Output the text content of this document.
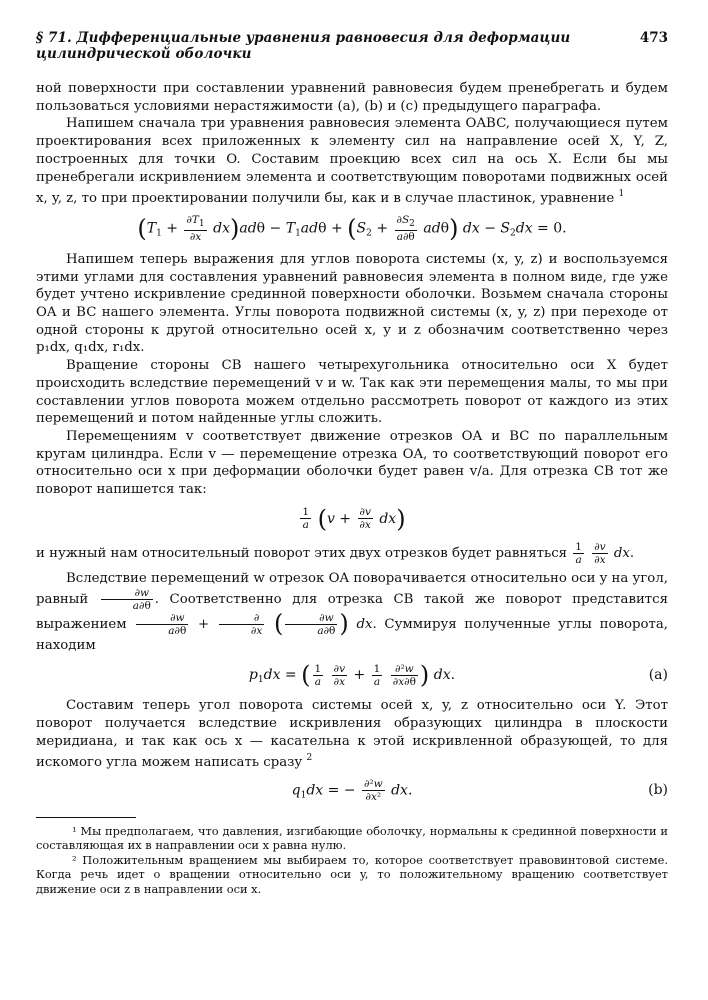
§ 71. Дифференциальные уравнения равновесия для деформации цилиндрической оболочки
473

ной поверхности при составлении уравнений равновесия будем пренебрегать и будем пользоваться условиями нерастяжимости (a), (b) и (c) предыдущего параграфа.

Напишем сначала три уравнения равновесия элемента OABC, получающиеся путем проектирования всех приложенных к элементу сил на направление осей X, Y, Z, построенных для точки O. Составим проекцию всех сил на ось X. Если бы мы пренебрегали искривлением элемента и соответствующим поворотами подвижных осей x, y, z, то при проектировании получили бы, как и в случае пластинок, уравнение $^1$

$(T_1 + \frac{\partial T_1}{\partial x} dx)ad\theta - T_1ad\theta + (S_2 + \frac{\partial S_2}{a\partial\theta} ad\theta)$ dx − $S_2dx = 0$.

Напишем теперь выражения для углов поворота системы (x, y, z) и воспользуемся этими углами для составления уравнений равновесия элемента в полном виде, где уже будет учтено искривление срединной поверхности оболочки. Возьмем сначала стороны OA и BC нашего элемента. Углы поворота подвижной системы (x, y, z) при переходе от одной стороны к другой относительно осей x, y и z обозначим соответственно через p₁dx, q₁dx, r₁dx.

Вращение стороны CB нашего четырехугольника относительно оси X будет происходить вследствие перемещений v и w. Так как эти перемещения малы, то мы при составлении углов поворота можем отдельно рассмотреть поворот от каждого из этих перемещений и потом найденные углы сложить.

Перемещениям v соответствует движение отрезков OA и BC по параллельным кругам цилиндра. Если v — перемещение отрезка OA, то соответствующий поворот его относительно оси x при деформации оболочки будет равен v/a. Для отрезка CB тот же поворот напишется так:

$\frac{1}{a} (v + \frac{\partial v}{\partial x} dx)$

и нужный нам относительный поворот этих двух отрезков будет равняться $\frac{1}{a}$
$\frac{\partial v}{\partial x}$ dx.

Вследствие перемещений w отрезок OA поворачивается относительно оси y на угол, равный $\frac{\partial w}{a\partial\theta}$ . Соответственно для отрезка CB такой же поворот представится выражением $\frac{\partial w}{a\partial\theta} + \frac{\partial}{\partial x}$ ( $\frac{\partial w}{a\partial\theta}$ ) dx. Суммируя полученные углы поворота, находим

$p_1dx$ = ( $\frac{1}{a}$
$\frac{\partial v}{\partial x} + \frac{1}{a}$
$\frac{\text{∂²w}}{\partial x\partial\theta}$ ) dx.	(a)

Составим теперь угол поворота системы осей x, y, z относительно оси Y. Этот поворот получается вследствие искривления образующих цилиндра в плоскости меридиана, и так как ось x — касательна к этой искривленной образующей, то для искомого угла можем написать сразу $^2$

$q_1dx$ = − $\frac{\text{∂²w}}{\text{∂x²}}$ dx.	(b)

¹ Мы предполагаем, что давления, изгибающие оболочку, нормальны к срединной поверхности и составляющая их в направлении оси x равна нулю.

² Положительным вращением мы выбираем то, которое соответствует правовинтовой системе. Когда речь идет о вращении относительно оси y, то положительному вращению соответствует движение оси z в направлении оси x.
